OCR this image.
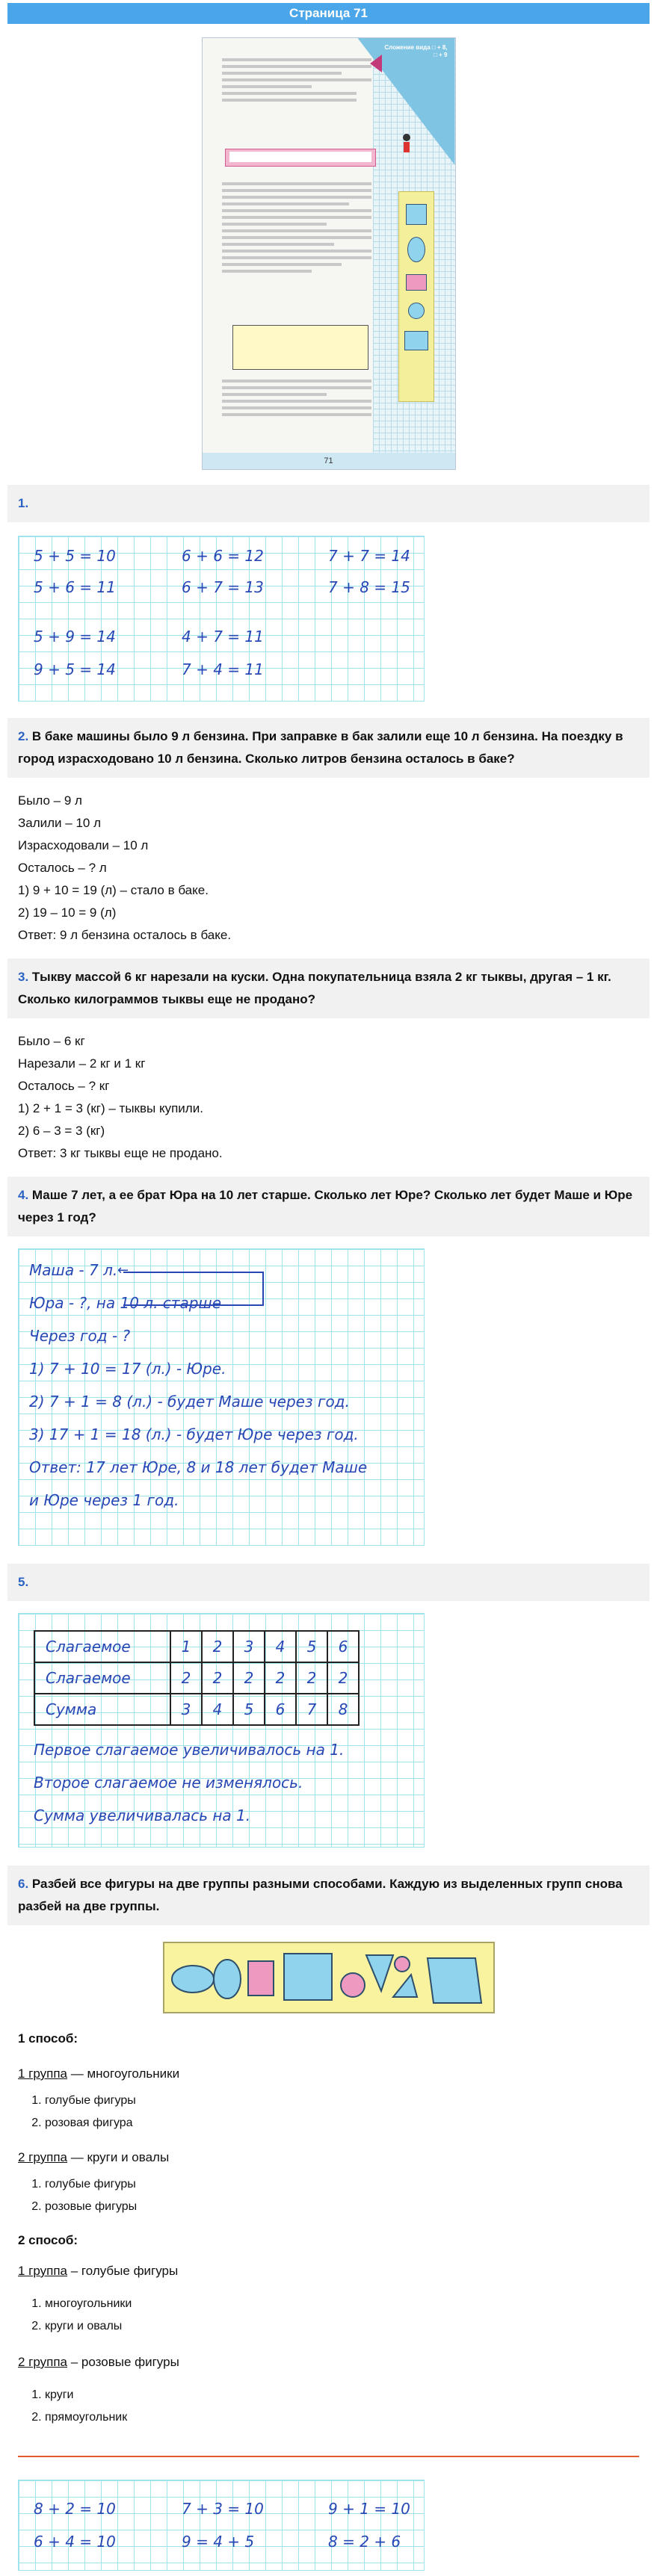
Страница 71
Сложение вида □ + 8, □ + 9
71
1.
5 + 5 = 10	6 + 6 = 12	7 + 7 = 14
5 + 6 = 11	6 + 7 = 13	7 + 8 = 15
5 + 9 = 14	4 + 7 = 11
9 + 5 = 14	7 + 4 = 11
2. В баке машины было 9 л бензина. При заправке в бак залили еще 10 л бензина. На поездку в город израсходовано 10 л бензина. Сколько литров бензина осталось в баке?

Было – 9 л

Залили – 10 л

Израсходовали – 10 л

Осталось – ? л

1) 9 + 10 = 19 (л) – стало в баке.

2) 19 – 10 = 9 (л)

Ответ: 9 л бензина осталось в баке.

3. Тыкву массой 6 кг нарезали на куски. Одна покупательница взяла 2 кг тыквы, другая – 1 кг. Сколько килограммов тыквы еще не продано?

Было – 6 кг

Нарезали – 2 кг и 1 кг

Осталось – ? кг

1) 2 + 1 = 3 (кг) – тыквы купили.

2) 6 – 3 = 3 (кг)

Ответ: 3 кг тыквы еще не продано.

4. Маше 7 лет, а ее брат Юра на 10 лет старше. Сколько лет Юре? Сколько лет будет Маше и Юре через 1 год?
Маша - 7 л.
Юра - ?, на 10 л. старше
←
Через год - ?
1) 7 + 10 = 17 (л.) - Юре.
2) 7 + 1 = 8 (л.) - будет Маше через год.
3) 17 + 1 = 18 (л.) - будет Юре через год.
Ответ: 17 лет Юре, 8 и 18 лет будет Маше
и Юре через 1 год.
5.
Слагаемое	1	2	3	4	5	6
Слагаемое	2	2	2	2	2	2
Сумма	3	4	5	6	7	8
Первое слагаемое увеличивалось на 1.
Второе слагаемое не изменялось.
Сумма увеличивалась на 1.
6. Разбей все фигуры на две группы разными способами. Каждую из выделенных групп снова разбей на две группы.
1 способ:
1 группа — многоугольники
1. голубые фигуры
2. розовая фигура
2 группа — круги и овалы
1. голубые фигуры
2. розовые фигуры
2 способ:
1 группа – голубые фигуры
1. многоугольники
2. круги и овалы
2 группа – розовые фигуры
1. круги
2. прямоугольник
8 + 2 = 10	7 + 3 = 10	9 + 1 = 10
6 + 4 = 10	9 = 4 + 5	8 = 2 + 6
